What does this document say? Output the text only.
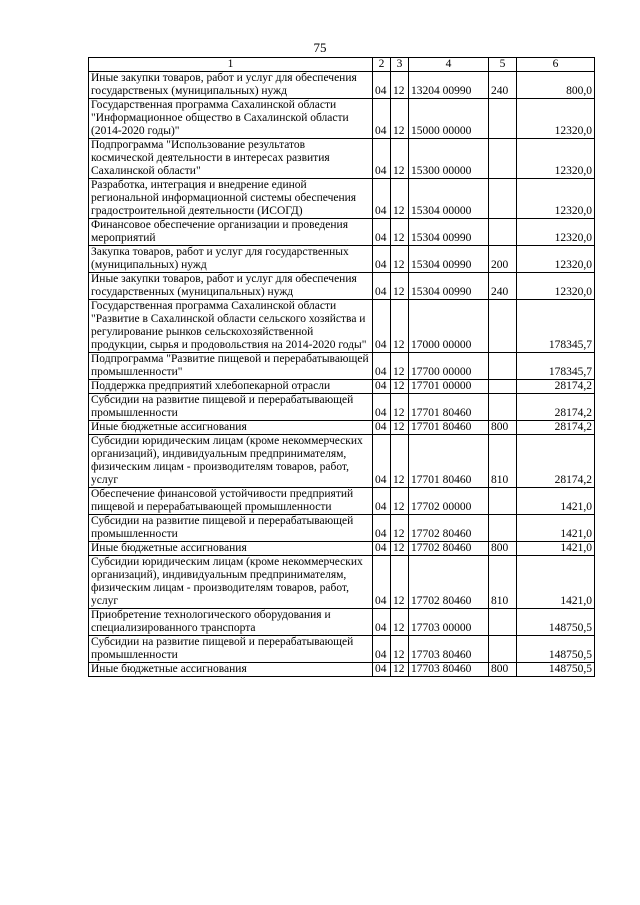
75
1	2	3	4	5	6
Иные закупки товаров, работ и услуг для обеспечения государственых (муниципальных) нужд	04	12	13204 00990	240	800,0
Государственная программа Сахалинской области "Информационное общество в Сахалинской области (2014-2020 годы)"	04	12	15000 00000		12320,0
Подпрограмма "Использование результатов космической деятельности в интересах развития Сахалинской области"	04	12	15300 00000		12320,0
Разработка, интеграция и внедрение единой региональной информационной системы обеспечения градостроительной деятельности (ИСОГД)	04	12	15304 00000		12320,0
Финансовое обеспечение организации и проведения мероприятий	04	12	15304 00990		12320,0
Закупка товаров, работ и услуг для государственных (муниципальных) нужд	04	12	15304 00990	200	12320,0
Иные закупки товаров, работ и услуг для обеспечения государственных (муниципальных) нужд	04	12	15304 00990	240	12320,0
Государственная программа Сахалинской области "Развитие в Сахалинской области сельского хозяйства и регулирование рынков сельскохозяйственной продукции, сырья и продовольствия на 2014-2020 годы"	04	12	17000 00000		178345,7
Подпрограмма "Развитие пищевой и перерабатывающей промышленности"	04	12	17700 00000		178345,7
Поддержка предприятий хлебопекарной отрасли	04	12	17701 00000		28174,2
Субсидии на развитие пищевой и перерабатывающей промышленности	04	12	17701 80460		28174,2
Иные бюджетные ассигнования	04	12	17701 80460	800	28174,2
Субсидии юридическим лицам (кроме некоммерческих организаций), индивидуальным предпринимателям, физическим лицам - производителям товаров, работ, услуг	04	12	17701 80460	810	28174,2
Обеспечение финансовой устойчивости предприятий пищевой и перерабатывающей промышленности	04	12	17702 00000		1421,0
Субсидии на развитие пищевой и перерабатывающей промышленности	04	12	17702 80460		1421,0
Иные бюджетные ассигнования	04	12	17702 80460	800	1421,0
Субсидии юридическим лицам (кроме некоммерческих организаций), индивидуальным предпринимателям, физическим лицам - производителям товаров, работ, услуг	04	12	17702 80460	810	1421,0
Приобретение технологического оборудования и специализированного транспорта	04	12	17703 00000		148750,5
Субсидии на развитие пищевой и перерабатывающей промышленности	04	12	17703 80460		148750,5
Иные бюджетные ассигнования	04	12	17703 80460	800	148750,5
